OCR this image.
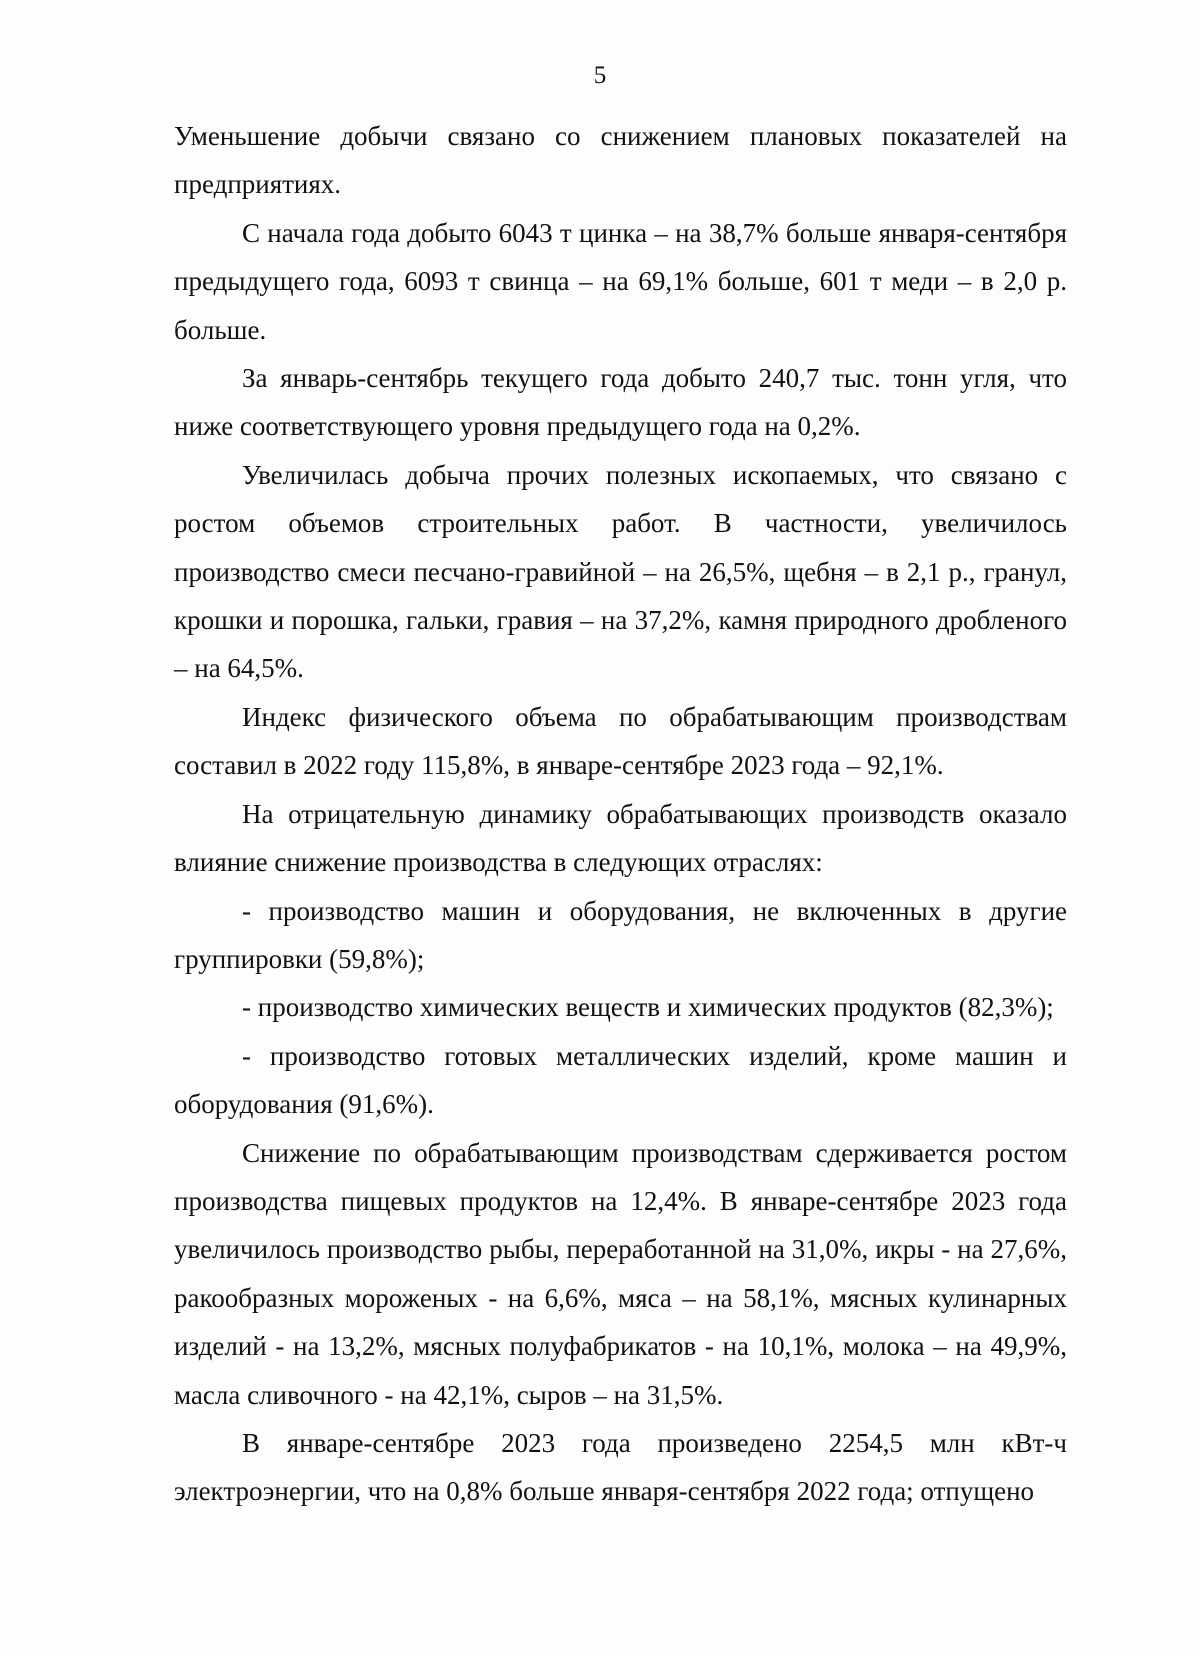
5

Уменьшение добычи связано со снижением плановых показателей на предприятиях.

С начала года добыто 6043 т цинка – на 38,7% больше января-сентября предыдущего года, 6093 т свинца – на 69,1% больше, 601 т меди – в 2,0 р. больше.

За январь-сентябрь текущего года добыто 240,7 тыс. тонн угля, что ниже соответствующего уровня предыдущего года на 0,2%.

Увеличилась добыча прочих полезных ископаемых, что связано с ростом объемов строительных работ. В частности, увеличилось производство смеси песчано-гравийной – на 26,5%, щебня – в 2,1 р., гранул, крошки и порошка, гальки, гравия – на 37,2%, камня природного дробленого – на 64,5%.

Индекс физического объема по обрабатывающим производствам составил в 2022 году 115,8%, в январе-сентябре 2023 года – 92,1%.

На отрицательную динамику обрабатывающих производств оказало влияние снижение производства в следующих отраслях:

- производство машин и оборудования, не включенных в другие группировки (59,8%);

- производство химических веществ и химических продуктов (82,3%);

- производство готовых металлических изделий, кроме машин и оборудования (91,6%).

Снижение по обрабатывающим производствам сдерживается ростом производства пищевых продуктов на 12,4%. В январе-сентябре 2023 года увеличилось производство рыбы, переработанной на 31,0%, икры - на 27,6%, ракообразных мороженых - на 6,6%, мяса – на 58,1%, мясных кулинарных изделий - на 13,2%, мясных полуфабрикатов - на 10,1%, молока – на 49,9%, масла сливочного - на 42,1%, сыров – на 31,5%.

В январе-сентябре 2023 года произведено 2254,5 млн кВт-ч электроэнергии, что на 0,8% больше января-сентября 2022 года; отпущено
